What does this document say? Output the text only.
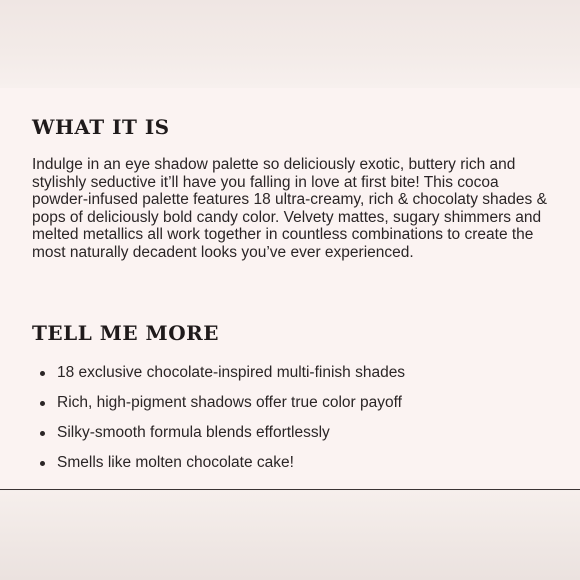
WHAT IT IS

Indulge in an eye shadow palette so deliciously exotic, buttery rich and stylishly seductive it’ll have you falling in love at first bite! This cocoa powder-infused palette features 18 ultra-creamy, rich & chocolaty shades & pops of deliciously bold candy color. Velvety mattes, sugary shimmers and melted metallics all work together in countless combinations to create the most naturally decadent looks you’ve ever experienced.

TELL ME MORE
18 exclusive chocolate-inspired multi-finish shades
Rich, high-pigment shadows offer true color payoff
Silky-smooth formula blends effortlessly
Smells like molten chocolate cake!
